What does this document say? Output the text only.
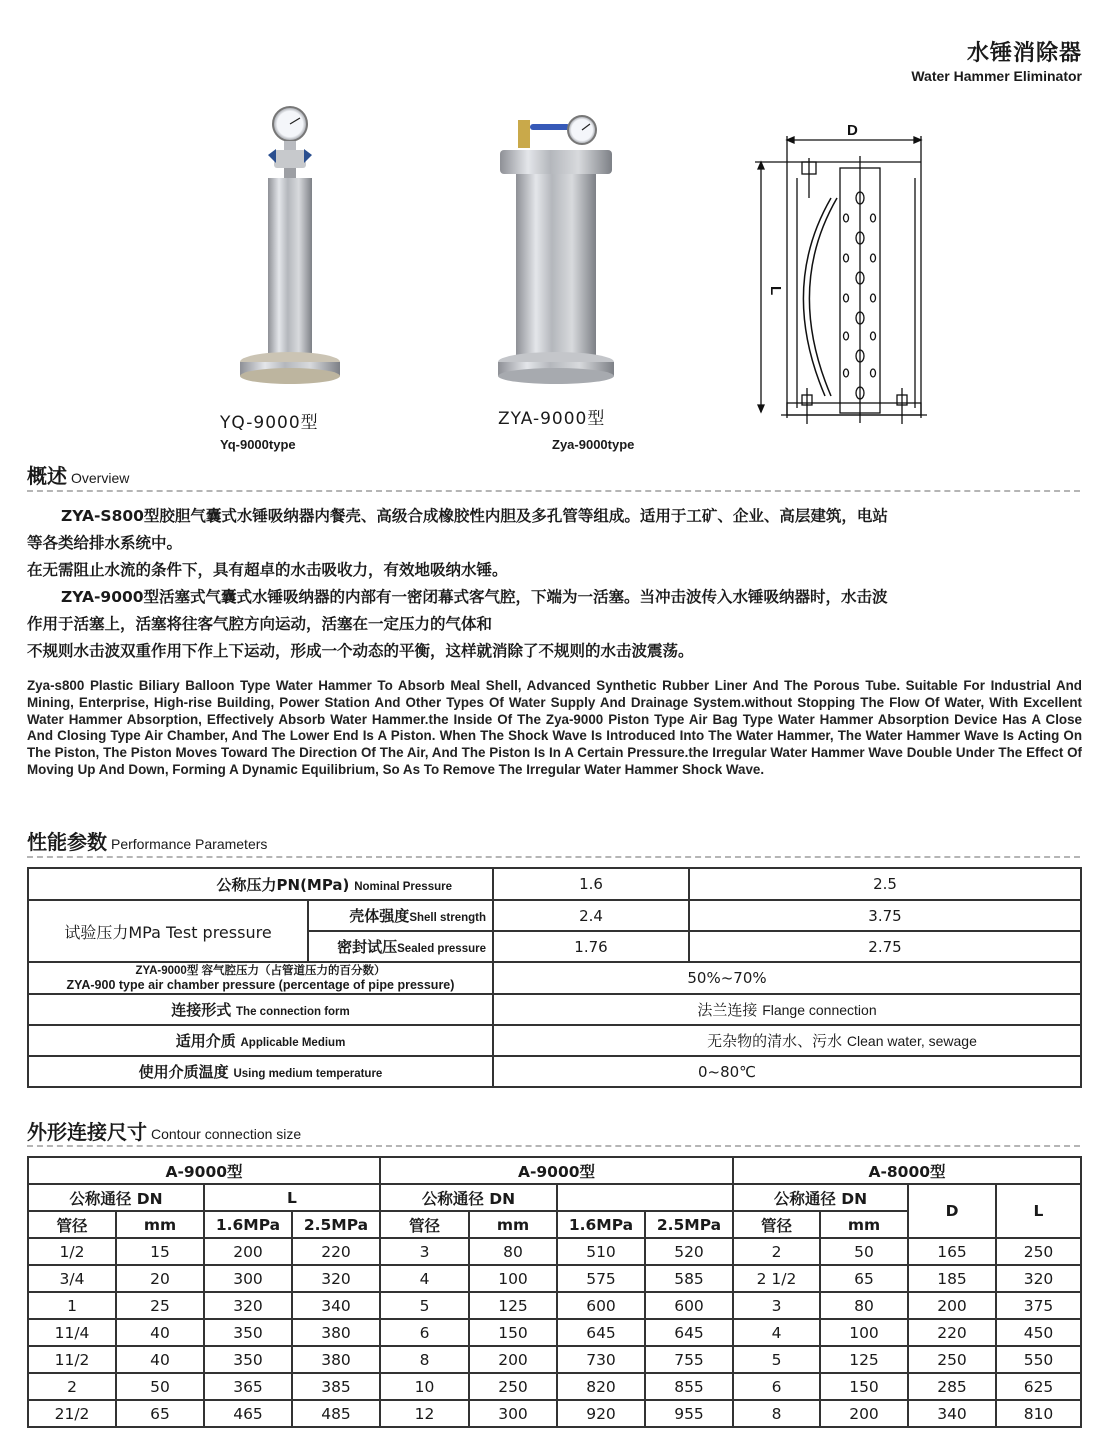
水锤消除器
Water Hammer Eliminator
YQ-9000型
Yq-9000type
ZYA-9000型
Zya-9000type
D
L
概述 Overview

ZYA-S800型胶胆气囊式水锤吸纳器内餐壳、高级合成橡胶性内胆及多孔管等组成。适用于工矿、企业、高层建筑，电站

等各类给排水系统中。

在无需阻止水流的条件下，具有超卓的水击吸收力，有效地吸纳水锤。

ZYA-9000型活塞式气囊式水锤吸纳器的内部有一密闭幕式客气腔，下端为一活塞。当冲击波传入水锤吸纳器时，水击波

作用于活塞上，活塞将往客气腔方向运动，活塞在一定压力的气体和

不规则水击波双重作用下作上下运动，形成一个动态的平衡，这样就消除了不规则的水击波震荡。

Zya-s800 Plastic Biliary Balloon Type Water Hammer To Absorb Meal Shell, Advanced Synthetic Rubber Liner And The Porous Tube. Suitable For Industrial And Mining, Enterprise, High-rise Building, Power Station And Other Types Of Water Supply And Drainage System.without Stopping The Flow Of Water, With Excellent Water Hammer Absorption, Effectively Absorb Water Hammer.the Inside Of The Zya-9000 Piston Type Air Bag Type Water Hammer Absorption Device Has A Close And Closing Type Air Chamber, And The Lower End Is A Piston. When The Shock Wave Is Introduced Into The Water Hammer, The Water Hammer Wave Is Acting On The Piston, The Piston Moves Toward The Direction Of The Air, And The Piston Is In A Certain Pressure.the Irregular Water Hammer Wave Double Under The Effect Of Moving Up And Down, Forming A Dynamic Equilibrium, So As To Remove The Irregular Water Hammer Shock Wave.
性能参数 Performance Parameters
公称压力PN(MPa) Nominal Pressure		1.6	2.5
试验压力MPa Test pressure	壳体强度Shell strength	2.4	3.75
	密封试压Sealed pressure	1.76	2.75

ZYA-9000型 容气腔压力（占管道压力的百分数）
ZYA-900 type air chamber pressure (percentage of pipe pressure)		50%~70%	
连接形式 The connection form		法兰连接 Flange connection	
适用介质 Applicable Medium		无杂物的清水、污水 Clean water, sewage	
使用介质温度 Using medium temperature		0~80℃	
外形连接尺寸 Contour connection size
A-9000型				A-9000型				A-8000型			
公称通径 DN		L		公称通径 DN				公称通径 DN		D	L
管径	mm	1.6MPa	2.5MPa	管径	mm	1.6MPa	2.5MPa	管径	mm		
1/2	15	200	220	3	80	510	520	2	50	165	250
3/4	20	300	320	4	100	575	585	2 1/2	65	185	320
1	25	320	340	5	125	600	600	3	80	200	375
11/4	40	350	380	6	150	645	645	4	100	220	450
11/2	40	350	380	8	200	730	755	5	125	250	550
2	50	365	385	10	250	820	855	6	150	285	625
21/2	65	465	485	12	300	920	955	8	200	340	810
